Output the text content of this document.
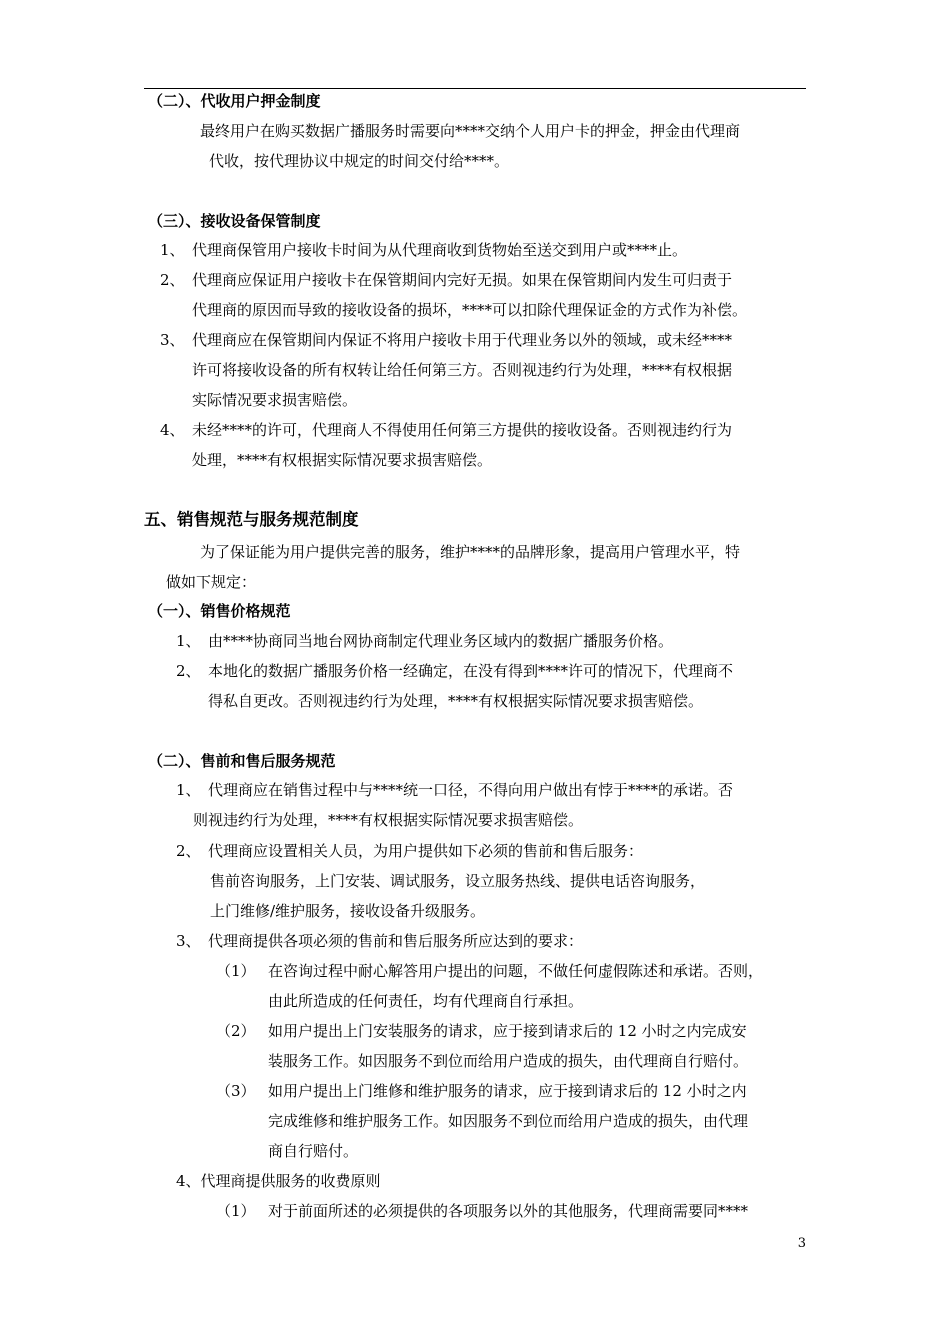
（二）、代收用户押金制度
最终用户在购买数据广播服务时需要向****交纳个人用户卡的押金，押金由代理商
代收，按代理协议中规定的时间交付给****。
（三）、接收设备保管制度
1、 代理商保管用户接收卡时间为从代理商收到货物始至送交到用户或****止。
2、 代理商应保证用户接收卡在保管期间内完好无损。如果在保管期间内发生可归责于
代理商的原因而导致的接收设备的损坏，****可以扣除代理保证金的方式作为补偿。
3、 代理商应在保管期间内保证不将用户接收卡用于代理业务以外的领域，或未经****
许可将接收设备的所有权转让给任何第三方。否则视违约行为处理，****有权根据
实际情况要求损害赔偿。
4、 未经****的许可，代理商人不得使用任何第三方提供的接收设备。否则视违约行为
处理，****有权根据实际情况要求损害赔偿。
五、销售规范与服务规范制度
为了保证能为用户提供完善的服务，维护****的品牌形象，提高用户管理水平，特
做如下规定：
（一）、销售价格规范
1、 由****协商同当地台网协商制定代理业务区域内的数据广播服务价格。
2、 本地化的数据广播服务价格一经确定，在没有得到****许可的情况下，代理商不
得私自更改。否则视违约行为处理，****有权根据实际情况要求损害赔偿。
（二）、售前和售后服务规范
1、 代理商应在销售过程中与****统一口径，不得向用户做出有悖于****的承诺。否
则视违约行为处理，****有权根据实际情况要求损害赔偿。
2、 代理商应设置相关人员，为用户提供如下必须的售前和售后服务：
售前咨询服务，上门安装、调试服务，设立服务热线、提供电话咨询服务，
上门维修/维护服务，接收设备升级服务。
3、 代理商提供各项必须的售前和售后服务所应达到的要求：
（1） 在咨询过程中耐心解答用户提出的问题，不做任何虚假陈述和承诺。否则，
由此所造成的任何责任，均有代理商自行承担。
（2） 如用户提出上门安装服务的请求，应于接到请求后的 12 小时之内完成安
装服务工作。如因服务不到位而给用户造成的损失，由代理商自行赔付。
（3） 如用户提出上门维修和维护服务的请求，应于接到请求后的 12 小时之内
完成维修和维护服务工作。如因服务不到位而给用户造成的损失，由代理
商自行赔付。
4、代理商提供服务的收费原则
（1） 对于前面所述的必须提供的各项服务以外的其他服务，代理商需要同****
3
